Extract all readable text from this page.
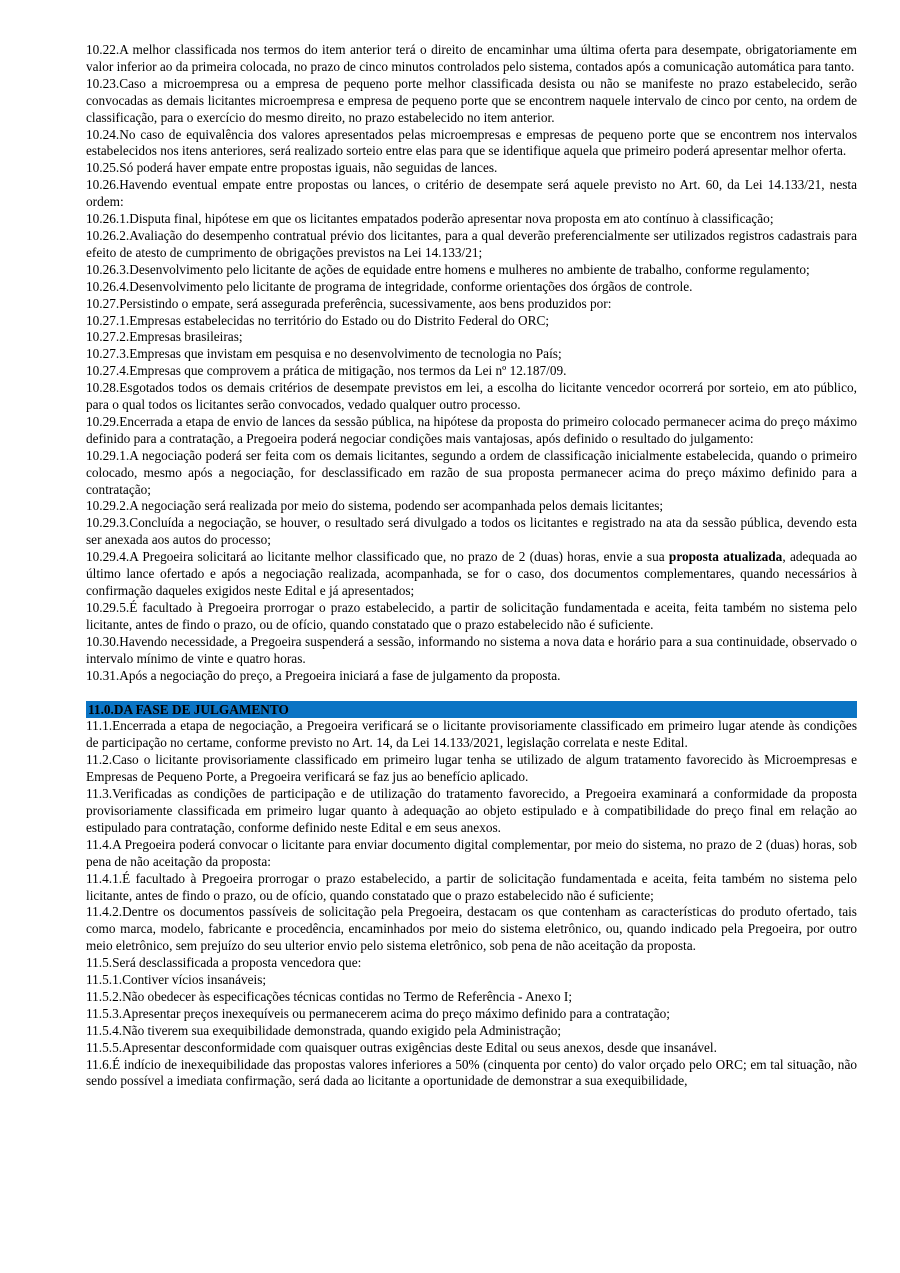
10.22.A melhor classificada nos termos do item anterior terá o direito de encaminhar uma última oferta para desempate, obrigatoriamente em valor inferior ao da primeira colocada, no prazo de cinco minutos controlados pelo sistema, contados após a comunicação automática para tanto.

10.23.Caso a microempresa ou a empresa de pequeno porte melhor classificada desista ou não se manifeste no prazo estabelecido, serão convocadas as demais licitantes microempresa e empresa de pequeno porte que se encontrem naquele intervalo de cinco por cento, na ordem de classificação, para o exercício do mesmo direito, no prazo estabelecido no item anterior.

10.24.No caso de equivalência dos valores apresentados pelas microempresas e empresas de pequeno porte que se encontrem nos intervalos estabelecidos nos itens anteriores, será realizado sorteio entre elas para que se identifique aquela que primeiro poderá apresentar melhor oferta.

10.25.Só poderá haver empate entre propostas iguais, não seguidas de lances.

10.26.Havendo eventual empate entre propostas ou lances, o critério de desempate será aquele previsto no Art. 60, da Lei 14.133/21, nesta ordem:

10.26.1.Disputa final, hipótese em que os licitantes empatados poderão apresentar nova proposta em ato contínuo à classificação;

10.26.2.Avaliação do desempenho contratual prévio dos licitantes, para a qual deverão preferencialmente ser utilizados registros cadastrais para efeito de atesto de cumprimento de obrigações previstos na Lei 14.133/21;

10.26.3.Desenvolvimento pelo licitante de ações de equidade entre homens e mulheres no ambiente de trabalho, conforme regulamento;

10.26.4.Desenvolvimento pelo licitante de programa de integridade, conforme orientações dos órgãos de controle.

10.27.Persistindo o empate, será assegurada preferência, sucessivamente, aos bens produzidos por:

10.27.1.Empresas estabelecidas no território do Estado ou do Distrito Federal do ORC;

10.27.2.Empresas brasileiras;

10.27.3.Empresas que invistam em pesquisa e no desenvolvimento de tecnologia no País;

10.27.4.Empresas que comprovem a prática de mitigação, nos termos da Lei nº 12.187/09.

10.28.Esgotados todos os demais critérios de desempate previstos em lei, a escolha do licitante vencedor ocorrerá por sorteio, em ato público, para o qual todos os licitantes serão convocados, vedado qualquer outro processo.

10.29.Encerrada a etapa de envio de lances da sessão pública, na hipótese da proposta do primeiro colocado permanecer acima do preço máximo definido para a contratação, a Pregoeira poderá negociar condições mais vantajosas, após definido o resultado do julgamento:

10.29.1.A negociação poderá ser feita com os demais licitantes, segundo a ordem de classificação inicialmente estabelecida, quando o primeiro colocado, mesmo após a negociação, for desclassificado em razão de sua proposta permanecer acima do preço máximo definido para a contratação;

10.29.2.A negociação será realizada por meio do sistema, podendo ser acompanhada pelos demais licitantes;

10.29.3.Concluída a negociação, se houver, o resultado será divulgado a todos os licitantes e registrado na ata da sessão pública, devendo esta ser anexada aos autos do processo;

10.29.4.A Pregoeira solicitará ao licitante melhor classificado que, no prazo de 2 (duas) horas, envie a sua proposta atualizada, adequada ao último lance ofertado e após a negociação realizada, acompanhada, se for o caso, dos documentos complementares, quando necessários à confirmação daqueles exigidos neste Edital e já apresentados;

10.29.5.É facultado à Pregoeira prorrogar o prazo estabelecido, a partir de solicitação fundamentada e aceita, feita também no sistema pelo licitante, antes de findo o prazo, ou de ofício, quando constatado que o prazo estabelecido não é suficiente.

10.30.Havendo necessidade, a Pregoeira suspenderá a sessão, informando no sistema a nova data e horário para a sua continuidade, observado o intervalo mínimo de vinte e quatro horas.

10.31.Após a negociação do preço, a Pregoeira iniciará a fase de julgamento da proposta.

11.0.DA FASE DE JULGAMENTO

11.1.Encerrada a etapa de negociação, a Pregoeira verificará se o licitante provisoriamente classificado em primeiro lugar atende às condições de participação no certame, conforme previsto no Art. 14, da Lei 14.133/2021, legislação correlata e neste Edital.

11.2.Caso o licitante provisoriamente classificado em primeiro lugar tenha se utilizado de algum tratamento favorecido às Microempresas e Empresas de Pequeno Porte, a Pregoeira verificará se faz jus ao benefício aplicado.

11.3.Verificadas as condições de participação e de utilização do tratamento favorecido, a Pregoeira examinará a conformidade da proposta provisoriamente classificada em primeiro lugar quanto à adequação ao objeto estipulado e à compatibilidade do preço final em relação ao estipulado para contratação, conforme definido neste Edital e em seus anexos.

11.4.A Pregoeira poderá convocar o licitante para enviar documento digital complementar, por meio do sistema, no prazo de 2 (duas) horas, sob pena de não aceitação da proposta:

11.4.1.É facultado à Pregoeira prorrogar o prazo estabelecido, a partir de solicitação fundamentada e aceita, feita também no sistema pelo licitante, antes de findo o prazo, ou de ofício, quando constatado que o prazo estabelecido não é suficiente;

11.4.2.Dentre os documentos passíveis de solicitação pela Pregoeira, destacam os que contenham as características do produto ofertado, tais como marca, modelo, fabricante e procedência, encaminhados por meio do sistema eletrônico, ou, quando indicado pela Pregoeira, por outro meio eletrônico, sem prejuízo do seu ulterior envio pelo sistema eletrônico, sob pena de não aceitação da proposta.

11.5.Será desclassificada a proposta vencedora que:

11.5.1.Contiver vícios insanáveis;

11.5.2.Não obedecer às especificações técnicas contidas no Termo de Referência - Anexo I;

11.5.3.Apresentar preços inexequíveis ou permanecerem acima do preço máximo definido para a contratação;

11.5.4.Não tiverem sua exequibilidade demonstrada, quando exigido pela Administração;

11.5.5.Apresentar desconformidade com quaisquer outras exigências deste Edital ou seus anexos, desde que insanável.

11.6.É indício de inexequibilidade das propostas valores inferiores a 50% (cinquenta por cento) do valor orçado pelo ORC; em tal situação, não sendo possível a imediata confirmação, será dada ao licitante a oportunidade de demonstrar a sua exequibilidade,
